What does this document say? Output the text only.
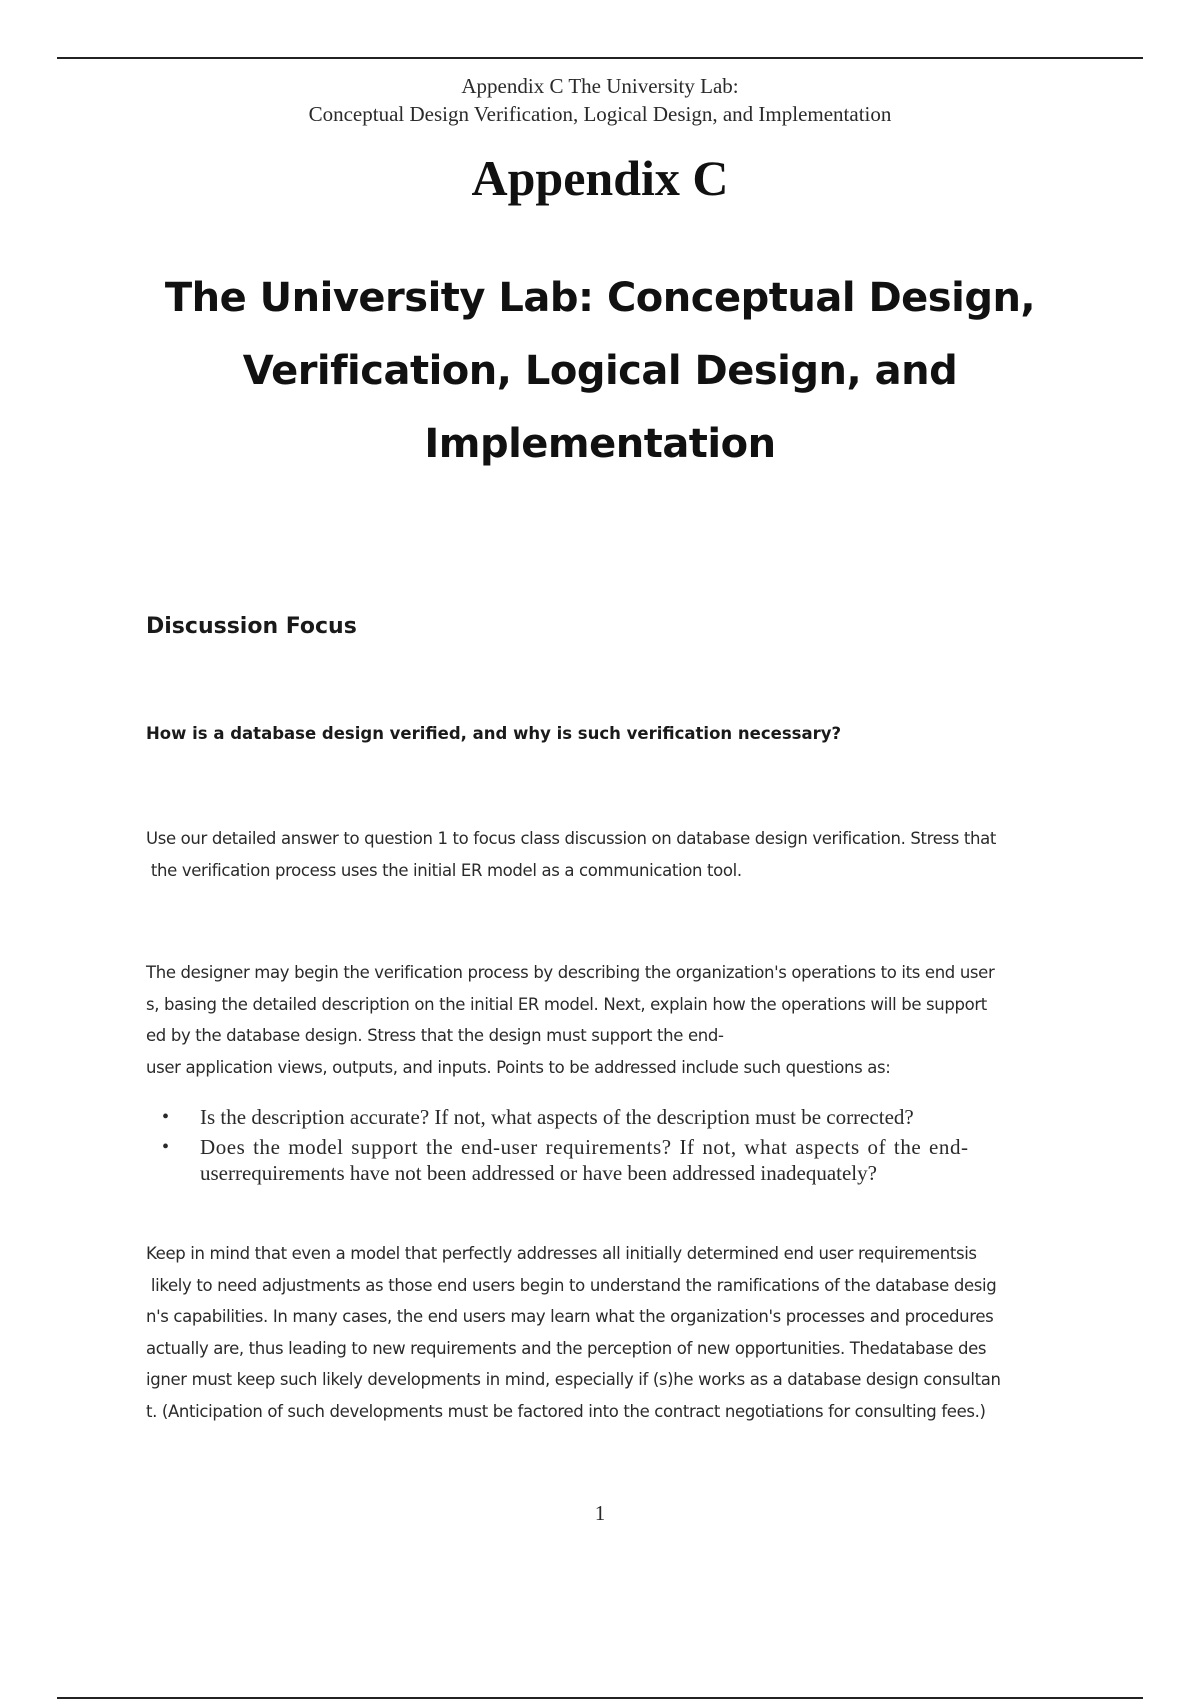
Appendix C The University Lab:
Conceptual Design Verification, Logical Design, and Implementation
Appendix C
The University Lab: Conceptual Design,
Verification, Logical Design, and
Implementation
Discussion Focus
How is a database design verified, and why is such verification necessary?
Use our detailed answer to question 1 to focus class discussion on database design verification. Stress that
the verification process uses the initial ER model as a communication tool.
The designer may begin the verification process by describing the organization's operations to its end user
s, basing the detailed description on the initial ER model. Next, explain how the operations will be support
ed by the database design. Stress that the design must support the end-
user application views, outputs, and inputs. Points to be addressed include such questions as:
• Is the description accurate? If not, what aspects of the description must be corrected?
• Does the model support the end-user requirements? If not, what aspects of the end-
userrequirements have not been addressed or have been addressed inadequately?
Keep in mind that even a model that perfectly addresses all initially determined end user requirementsis
likely to need adjustments as those end users begin to understand the ramifications of the database desig
n's capabilities. In many cases, the end users may learn what the organization's processes and procedures
actually are, thus leading to new requirements and the perception of new opportunities. Thedatabase des
igner must keep such likely developments in mind, especially if (s)he works as a database design consultan
t. (Anticipation of such developments must be factored into the contract negotiations for consulting fees.)
1
